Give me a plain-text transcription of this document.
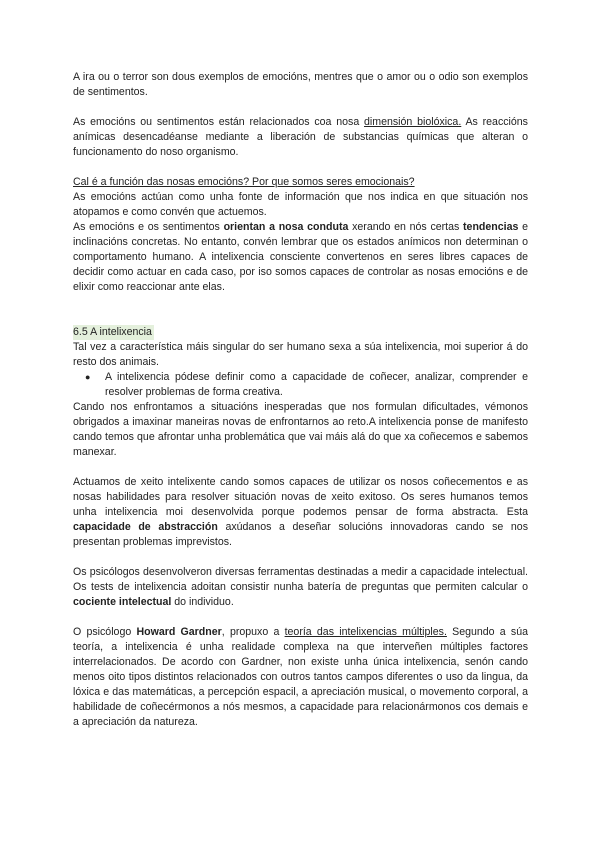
A ira ou o terror son dous exemplos de emocións, mentres que o amor ou o odio son exemplos de sentimentos.

As emocións ou sentimentos están relacionados coa nosa dimensión biolóxica. As reaccións anímicas desencadéanse mediante a liberación de substancias químicas que alteran o funcionamento do noso organismo.

Cal é a función das nosas emocións? Por que somos seres emocionais?

As emocións actúan como unha fonte de información que nos indica en que situación nos atopamos e como convén que actuemos.

As emocións e os sentimentos orientan a nosa conduta xerando en nós certas tendencias e inclinacións concretas. No entanto, convén lembrar que os estados anímicos non determinan o comportamento humano. A intelixencia consciente convertenos en seres libres capaces de decidir como actuar en cada caso, por iso somos capaces de controlar as nosas emocións e de elixir como reaccionar ante elas.

6.5 A intelixencia

Tal vez a característica máis singular do ser humano sexa a súa intelixencia, moi superior á do resto dos animais.

●	A intelixencia pódese definir como a capacidade de coñecer, analizar, comprender e resolver problemas de forma creativa.

Cando nos enfrontamos a situacións inesperadas que nos formulan dificultades, vémonos obrigados a imaxinar maneiras novas de enfrontarnos ao reto.A intelixencia ponse de manifesto cando temos que afrontar unha problemática que vai máis alá do que xa coñecemos e sabemos manexar.

Actuamos de xeito intelixente cando somos capaces de utilizar os nosos coñecementos e as nosas habilidades para resolver situación novas de xeito exitoso. Os seres humanos temos unha intelixencia moi desenvolvida porque podemos pensar de forma abstracta. Esta capacidade de abstracción axúdanos a deseñar solucións innovadoras cando se nos presentan problemas imprevistos.

Os psicólogos desenvolveron diversas ferramentas destinadas a medir a capacidade intelectual. Os tests de intelixencia adoitan consistir nunha batería de preguntas que permiten calcular o cociente intelectual do individuo.

O psicólogo Howard Gardner, propuxo a teoría das intelixencias múltiples. Segundo a súa teoría, a intelixencia é unha realidade complexa na que interveñen múltiples factores interrelacionados. De acordo con Gardner, non existe unha única intelixencia, senón cando menos oito tipos distintos relacionados con outros tantos campos diferentes o uso da lingua, da lóxica e das matemáticas, a percepción espacil, a apreciación musical, o movemento corporal, a habilidade de coñecérmonos a nós mesmos, a capacidade para relacionármonos cos demais e a apreciación da natureza.
